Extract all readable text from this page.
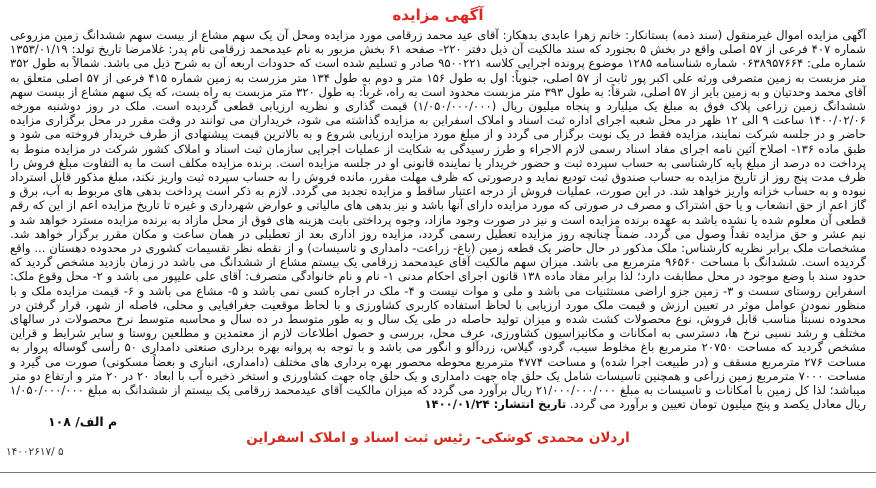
آگهی مزایده

آگهی مزایده اموال غیرمنقول (سند ذمه) بستانکار: خانم زهرا عابدی بدهکار: آقای عید محمد زرقامی مورد مزایده ومحل آن یک سهم مشاع از بیست سهم ششدانگ زمین مزروعی شماره ۴۰۷ فرعی از ۵۷ اصلی واقع در بخش ۵ بجنورد که سند مالکیت آن ذیل دفتر ۲۲۰- صفحه ۶۱ بخش مزبور به نام عیدمحمد زرقامی نام پدر: غلامرضا تاریخ تولد: ۱۳۵۳/۰۱/۱۹ شماره ملی: ۰۶۳۸۹۵۷۶۶۴ شماره شناسنامه ۱۲۸۵ موضوع پرونده اجرایی کلاسه ۹۵۰۰۲۲۱ صادر و تسلیم شده است که حدودات اربعه آن به شرح ذیل می باشد. شمالاً به طول ۳۵۲ متر مزبست به زمین متصرفی ورثه علی اکبر پور ثابت از ۵۷ اصلی، جنوباً: اول به طول ۱۵۶ متر و دوم به طول ۱۳۴ متر مزرست به زمین شماره ۴۱۵ فرعی از ۵۷ اصلی متعلق به آقای محمد وحدتیان و به زمین بایر از ۵۷ اصلی، شرقاً: به طول ۳۹۳ متر مزبست محدود است به راه، غرباً: به طول ۳۲۰ متر مزبست به راه بست، که یک سهم مشاع از بیست سهم ششدانگ زمین زراعی پلاک فوق به مبلغ یک میلیارد و پنجاه میلیون ریال (۱/۰۵۰/۰۰۰/۰۰۰) قیمت گذاری و نظریه ارزیابی قطعی گردیده است. ملک در روز دوشنبه مورخه ۱۴۰۰/۰۲/۰۶ ساعت ۹ الی ۱۲ ظهر در محل شعبه اجرای اداره ثبت اسناد و املاک اسفراین به مزایده گذاشته می شود، خریداران می توانند در وقت مقرر در محل برگزاری مزایده حاضر و در جلسه شرکت نمایند، مزایده فقط در یک نوبت برگزار می گردد و از مبلغ مورد مزایده ارزیابی شروع و به بالاترین قیمت پیشنهادی از طرف خریدار فروخته می شود و طبق ماده ۱۳۶- اصلاح آئین نامه اجرای مفاد اسناد رسمی لازم الاجراء و طرز رسیدگی به شکایت از عملیات اجرایی سازمان ثبت اسناد و املاک کشور شرکت در مزایده منوط به پرداخت ده درصد از مبلغ پایه کارشناسی به حساب سپرده ثبت و حضور خریدار یا نماینده قانونی او در جلسه مزایده است. برنده مزایده مکلف است ما به التفاوت مبلغ فروش را ظرف مدت پنج روز از تاریخ مزایده به حساب صندوق ثبت تودیع نماید و درصورتی که ظرف مهلت مقرر، مانده فروش را به حساب سپرده ثبت واریز نکند، مبلغ مذکور قابل استرداد نبوده و به حساب خزانه واریز خواهد شد. در این صورت، عملیات فروش از درجه اعتبار ساقط و مزایده تجدید می گردد. لازم به ذکر است پرداخت بدهی های مربوط به آب، برق و گاز اعم از حق انشعاب و یا حق اشتراک و مصرف در صورتی که مورد مزایده دارای آنها باشد و نیز بدهی های مالیاتی و عوارض شهرداری و غیره تا تاریخ مزایده اعم از این که رقم قطعی آن معلوم شده یا نشده باشد به عهده برنده مزایده است و نیز در صورت وجود مازاد، وجوه پرداختی بابت هزینه های فوق از محل مازاد به برنده مزایده مسترد خواهد شد و نیم عشر و حق مزایده نقداً وصول می گردد. ضمناً چنانچه روز مزایده تعطیل رسمی گردد، مزایده روز اداری بعد از تعطیلی در همان ساعت و مکان مقرر برگزار خواهد شد. مشخصات ملک برابر نظریه کارشناس: ملک مذکور در حال حاضر یک قطعه زمین (باغ- زراعت- دامداری و تاسیسات) و از نقطه نظر تقسیمات کشوری در محدوده دهستان ... واقع گردیده است. ششدانگ با مساحت ۹۶۵۶۰ مترمربع می باشد. میزان سهم مالکیت آقای عیدمحمد زرقامی یک بیستم مشاع از ششدانگ می باشد در زمان بازدید مشخص گردید که حدود سند با وضع موجود در محل مطابقت دارد؛ لذا برابر مفاد ماده ۱۳۸ قانون اجرای احکام مدنی ۱- نام و نام خانوادگی متصرف: آقای علی علیپور می باشد و ۲- محل وقوع ملک: اسفراین روستای سست و ۳- زمین جزو اراضی مستثنیات می باشد و ملی و موات نیست و ۴- ملک در اجاره کسی نمی باشد و ۵- مشاع می باشد و ۶- قیمت مزایده ملک و با منظور نمودن عوامل موثر در تعیین ارزش و قیمت ملک مورد ارزیابی با لحاظ استفاده کاربری کشاورزی و با لحاظ موقعیت جغرافیایی و محلی، فاصله از شهر، قرار گرفتن در محدوده نسبتاً مناسب قابل فروش، نوع محصولات کشت شده و میزان تولید حاصله در طی یک سال و به طور متوسط در ده سال و محاسبه متوسط نرخ محصولات در سالهای مختلف و رشد نسبی نرخ ها، دسترسی به امکانات و مکانیزاسیون کشاورزی، عرف محل، بررسی و حصول اطلاعات لازم از معتمدین و مطلعین روستا و سایر شرایط و قراین مشخص گردید که مساحت ۲۰۷۵۰ مترمربع باغ مخلوط سیب، گردو، گیلاس، زردآلو و انگور می باشد و با توجه به پروانه بهره برداری صنعتی دامداری ۵۰ رأسی گوساله پروار به مساحت ۲۷۶ مترمربع مسقف و (در طبیعت اجرا شده) و مساحت ۴۷۷۴ مترمربع محوطه محصور بهره برداری های مختلف (دامداری، انباری و بعضاً مسکونی) صورت می گیرد و مساحت ۷۰۰۰ مترمربع زمین زراعی و همچنین تاسیسات شامل یک حلق چاه جهت دامداری و یک حلق چاه جهت کشاورزی و استخر ذخیره آب با ابعاد ۲۰ در ۲۰ متر و ارتفاع دو متر میباشد؛ لذا کل زمین با امکانات و تاسیسات به مبلغ ۲۱/۰۰۰/۰۰۰/۰۰۰ ریال برآورد می گردد که میزان مالکیت آقای عیدمحمد زرقامی یک بیستم از ششدانگ به مبلغ ۱/۰۵۰/۰۰۰/۰۰۰ ریال معادل یکصد و پنج میلیون تومان تعیین و برآورد می گردد. تاریخ انتشار: ۱۴۰۰/۰۱/۲۴

م الف/ ۱۰۸
اردلان محمدی کوشکی- رئیس ثبت اسناد و املاک اسفراین
۱۴۰۰۲۶۱۷/ ۵
